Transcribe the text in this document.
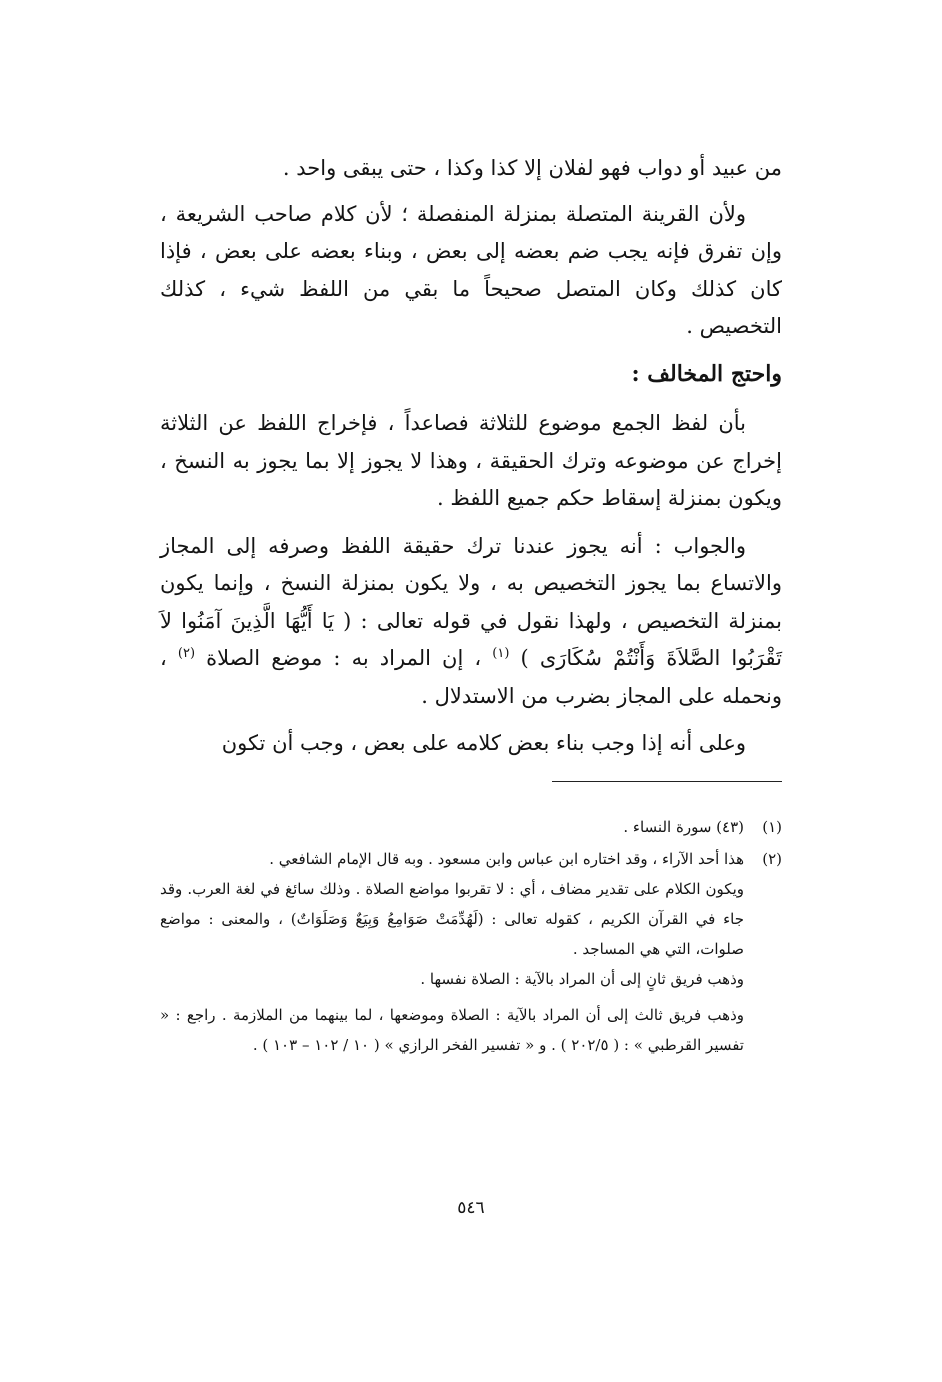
من عبيد أو دواب فهو لفلان إلا كذا وكذا ، حتى يبقى واحد .

ولأن القرينة المتصلة بمنزلة المنفصلة ؛ لأن كلام صاحب الشريعة ، وإن تفرق فإنه يجب ضم بعضه إلى بعض ، وبناء بعضه على بعض ، فإذا كان كذلك وكان المتصل صحيحاً ما بقي من اللفظ شيء ، كذلك التخصيص .

واحتج المخالف :

بأن لفظ الجمع موضوع للثلاثة فصاعداً ، فإخراج اللفظ عن الثلاثة إخراج عن موضوعه وترك الحقيقة ، وهذا لا يجوز إلا بما يجوز به النسخ ، ويكون بمنزلة إسقاط حكم جميع اللفظ .

والجواب : أنه يجوز عندنا ترك حقيقة اللفظ وصرفه إلى المجاز والاتساع بما يجوز التخصيص به ، ولا يكون بمنزلة النسخ ، وإنما يكون بمنزلة التخصيص ، ولهذا نقول في قوله تعالى : ( يَا أَيُّهَا الَّذِينَ آمَنُوا لاَ تَقْرَبُوا الصَّلاَةَ وَأَنْتُمْ سُكَارَى ) $^{(١)}$ ، إن المراد به : موضع الصلاة $^{(٢)}$ ، ونحمله على المجاز بضرب من الاستدلال .

وعلى أنه إذا وجب بناء بعض كلامه على بعض ، وجب أن تكون

(١)

(٤٣) سورة النساء .

(٢)

هذا أحد الآراء ، وقد اختاره ابن عباس وابن مسعود . وبه قال الإمام الشافعي .

ويكون الكلام على تقدير مضاف ، أي : لا تقربوا مواضع الصلاة . وذلك سائغ في لغة العرب. وقد جاء في القرآن الكريم ، كقوله تعالى : (لَهُدِّمَتْ صَوَامِعُ وَبِيَعٌ وَصَلَوَاتٌ) ، والمعنى : مواضع صلوات، التي هي المساجد .

وذهب فريق ثانٍ إلى أن المراد بالآية : الصلاة نفسها .

وذهب فريق ثالث إلى أن المراد بالآية : الصلاة وموضعها ، لما بينهما من الملازمة . راجع : « تفسير القرطبي » : ( ٢٠٢/٥ ) . و « تفسير الفخر الرازي » ( ١٠ / ١٠٢ – ١٠٣ ) .

٥٤٦
